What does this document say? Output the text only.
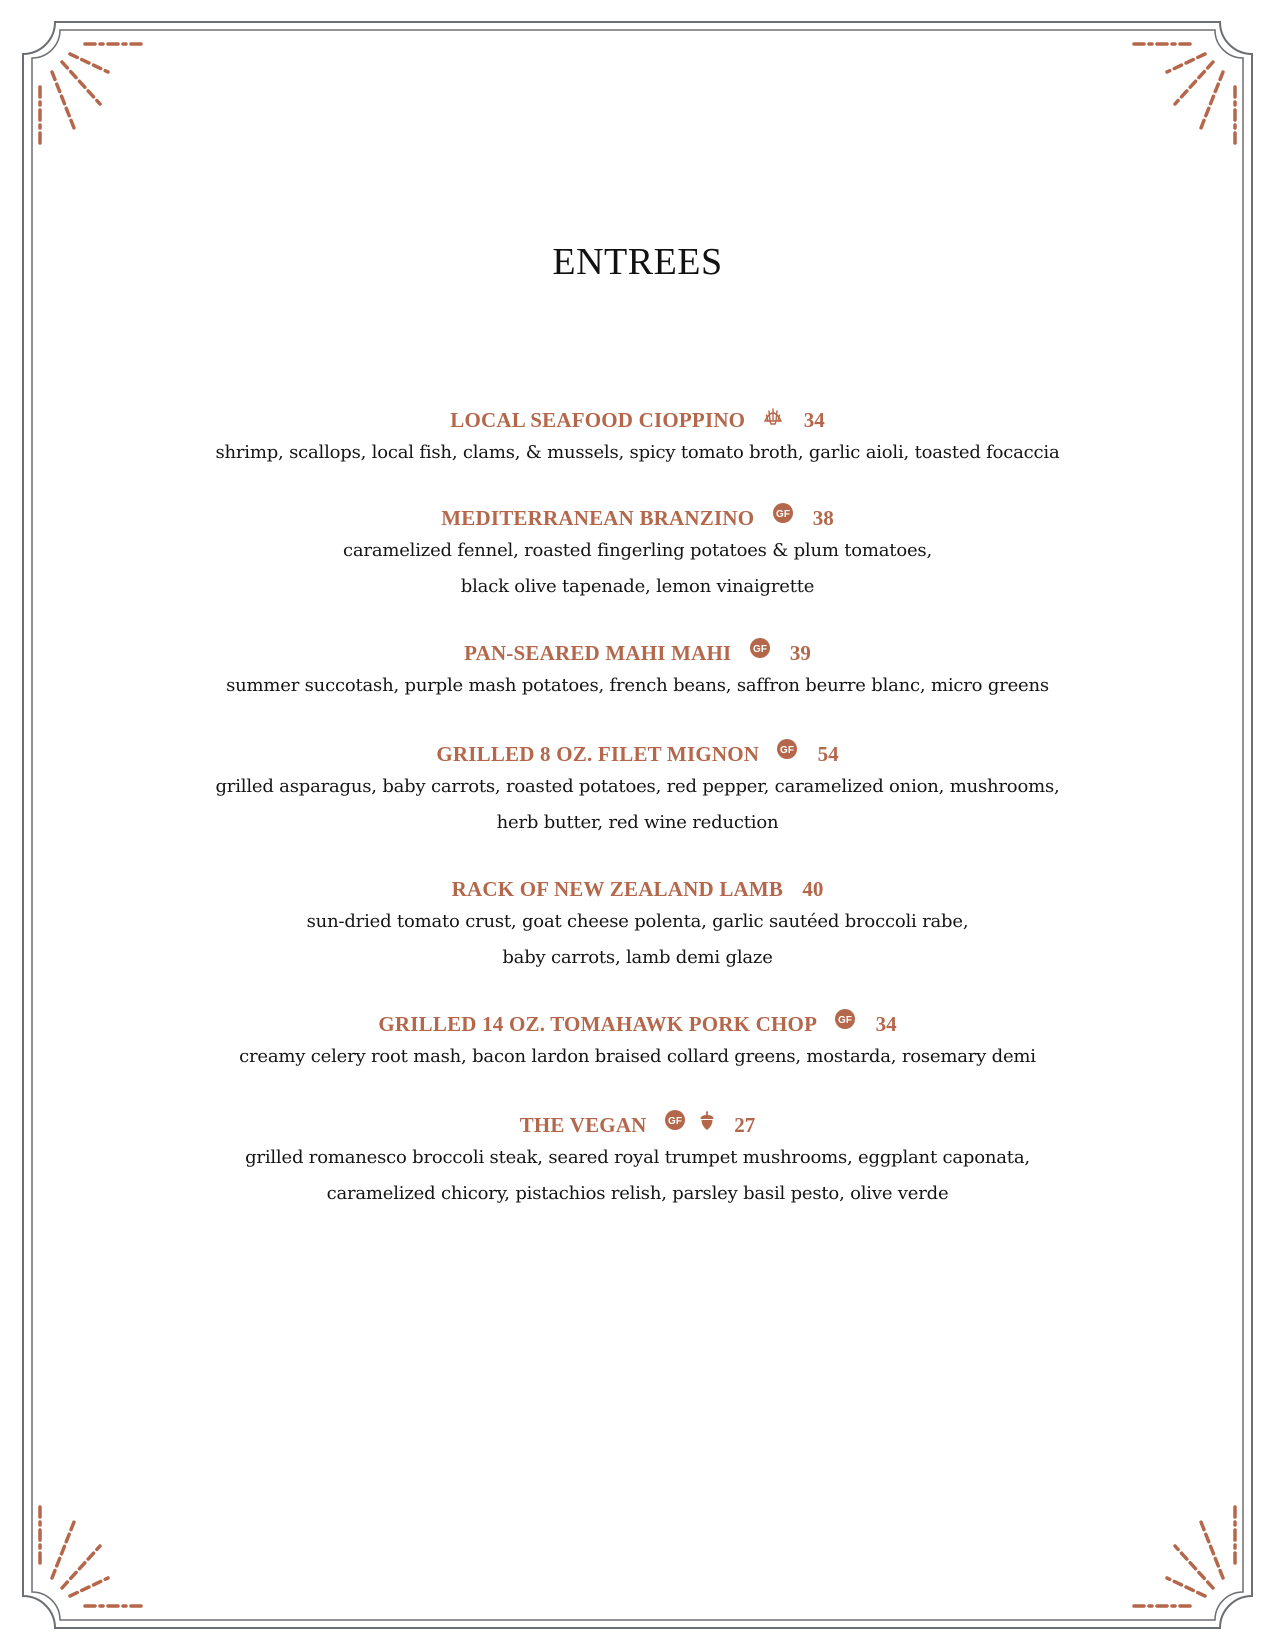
ENTREES
LOCAL SEAFOOD CIOPPINO	34
shrimp, scallops, local fish, clams, & mussels, spicy tomato broth, garlic aioli, toasted focaccia
MEDITERRANEAN BRANZINO GF 38
caramelized fennel, roasted fingerling potatoes & plum tomatoes,
black olive tapenade, lemon vinaigrette
PAN-SEARED MAHI MAHI GF 39
summer succotash, purple mash potatoes, french beans, saffron beurre blanc, micro greens
GRILLED 8 OZ. FILET MIGNON GF 54
grilled asparagus, baby carrots, roasted potatoes, red pepper, caramelized onion, mushrooms,
herb butter, red wine reduction
RACK OF NEW ZEALAND LAMB 40
sun-dried tomato crust, goat cheese polenta, garlic sautéed broccoli rabe,
baby carrots, lamb demi glaze
GRILLED 14 OZ. TOMAHAWK PORK CHOP GF 34
creamy celery root mash, bacon lardon braised collard greens, mostarda, rosemary demi
THE VEGAN GF	27
grilled romanesco broccoli steak, seared royal trumpet mushrooms, eggplant caponata,
caramelized chicory, pistachios relish, parsley basil pesto, olive verde
